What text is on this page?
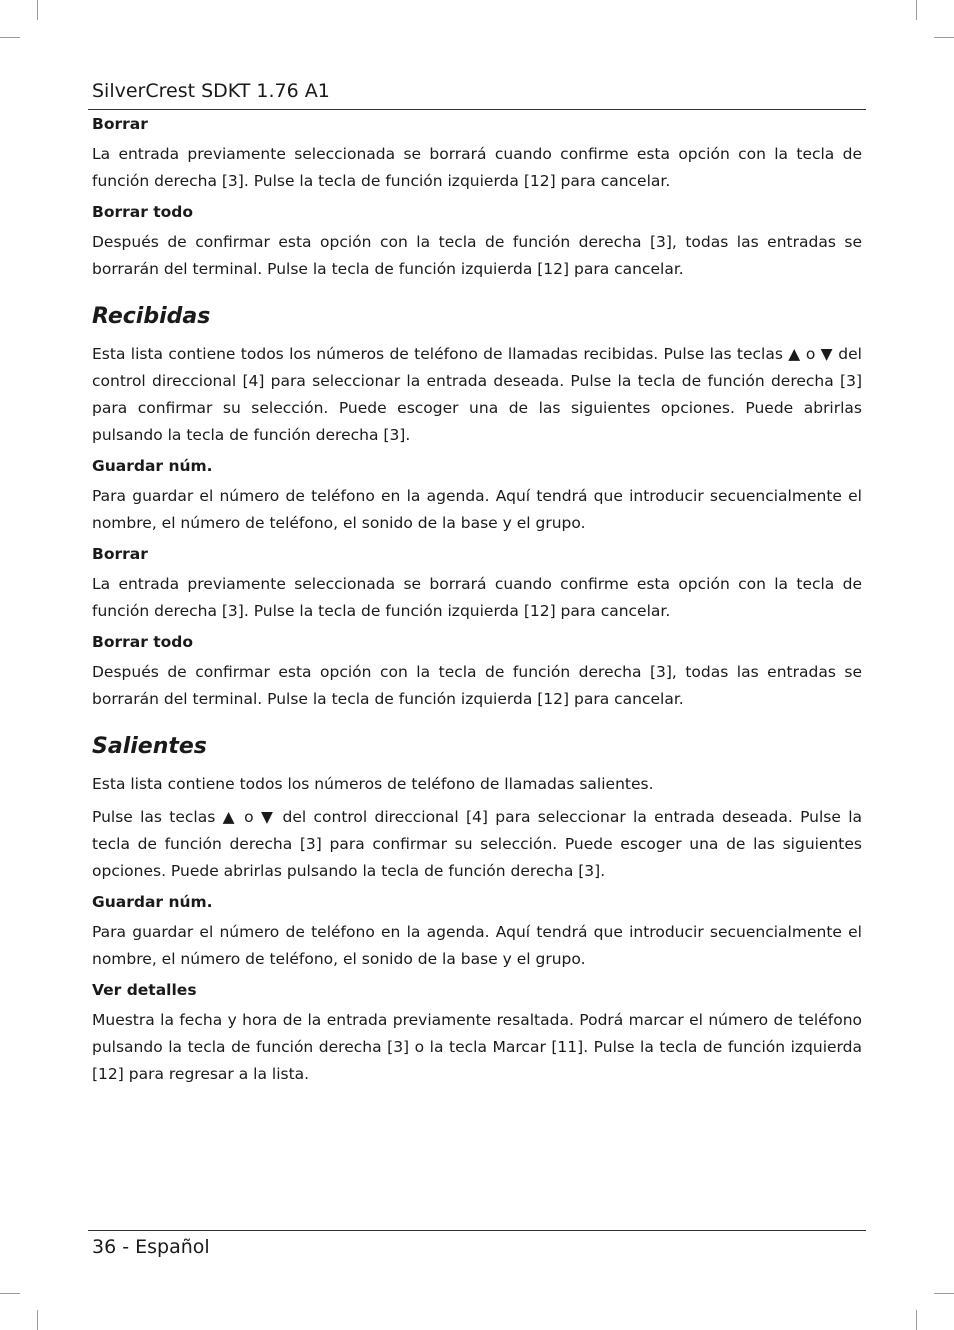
SilverCrest SDKT 1.76 A1
Borrar

La entrada previamente seleccionada se borrará cuando confirme esta opción con la tecla de función derecha [3]. Pulse la tecla de función izquierda [12] para cancelar.

Borrar todo

Después de confirmar esta opción con la tecla de función derecha [3], todas las entradas se borrarán del terminal. Pulse la tecla de función izquierda [12] para cancelar.

Recibidas

Esta lista contiene todos los números de teléfono de llamadas recibidas. Pulse las teclas ▲ o ▼ del control direccional [4] para seleccionar la entrada deseada. Pulse la tecla de función derecha [3] para confirmar su selección. Puede escoger una de las siguientes opciones. Puede abrirlas pulsando la tecla de función derecha [3].

Guardar núm.

Para guardar el número de teléfono en la agenda. Aquí tendrá que introducir secuencialmente el nombre, el número de teléfono, el sonido de la base y el grupo.

Borrar

La entrada previamente seleccionada se borrará cuando confirme esta opción con la tecla de función derecha [3]. Pulse la tecla de función izquierda [12] para cancelar.

Borrar todo

Después de confirmar esta opción con la tecla de función derecha [3], todas las entradas se borrarán del terminal. Pulse la tecla de función izquierda [12] para cancelar.

Salientes

Esta lista contiene todos los números de teléfono de llamadas salientes.

Pulse las teclas ▲ o ▼ del control direccional [4] para seleccionar la entrada deseada. Pulse la tecla de función derecha [3] para confirmar su selección. Puede escoger una de las siguientes opciones. Puede abrirlas pulsando la tecla de función derecha [3].

Guardar núm.

Para guardar el número de teléfono en la agenda. Aquí tendrá que introducir secuencialmente el nombre, el número de teléfono, el sonido de la base y el grupo.

Ver detalles

Muestra la fecha y hora de la entrada previamente resaltada. Podrá marcar el número de teléfono pulsando la tecla de función derecha [3] o la tecla Marcar [11]. Pulse la tecla de función izquierda [12] para regresar a la lista.

36 - Español
